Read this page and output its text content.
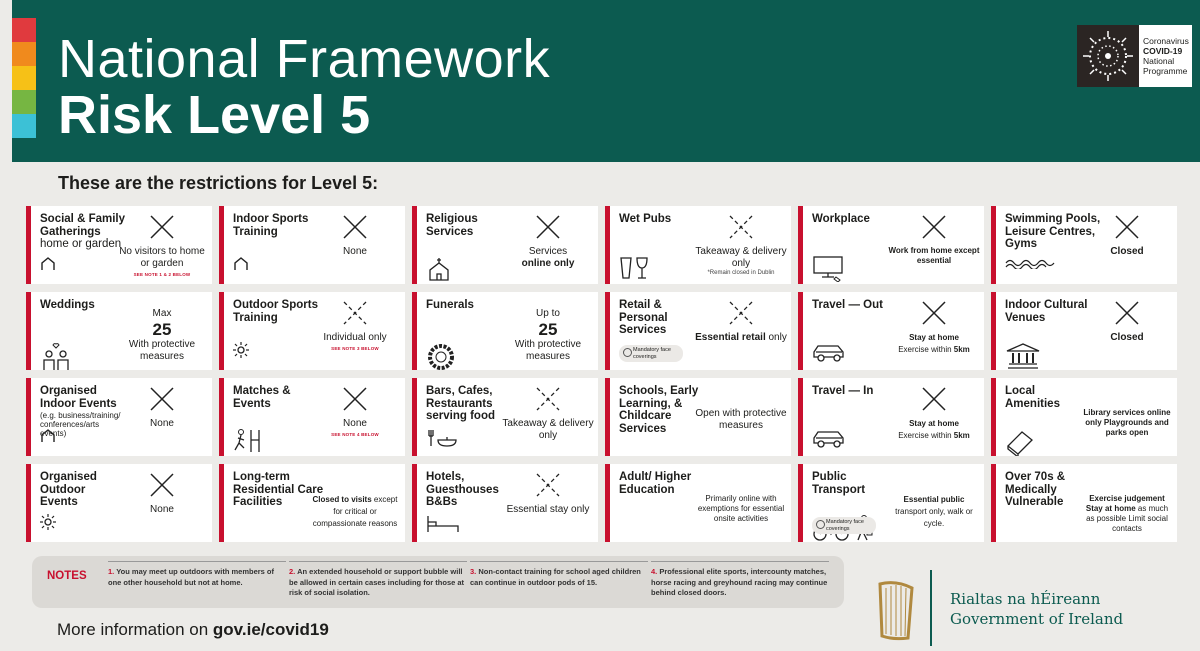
National Framework
Risk Level 5
Coronavirus
COVID-19
National
Programme
These are the restrictions for Level 5:
Social & Family Gatherings
home or garden
No visitors to home or garden
SEE NOTE 1 & 2 BELOW
Indoor Sports Training
None
Religious Services
Services
online only
Wet Pubs
Takeaway & delivery only
*Remain closed in Dublin
Workplace
Work from home except essential
Swimming Pools, Leisure Centres, Gyms
Closed
Weddings
Max
25
With protective measures
Outdoor Sports Training
Individual only
SEE NOTE 3 BELOW
Funerals
Up to
25
With protective measures
Retail & Personal Services
Essential retail only
Mandatory face coverings
Travel — Out
Stay at home
Exercise within 5km
Indoor Cultural Venues
Closed
Organised Indoor Events
(e.g. business/training/ conferences/arts events)
None
Matches & Events
None
SEE NOTE 4 BELOW
Bars, Cafes, Restaurants serving food
Takeaway & delivery only
Schools, Early Learning, & Childcare Services
Open with protective measures
Travel — In
Stay at home
Exercise within 5km
Local Amenities
Library services online only Playgrounds and parks open
Organised Outdoor Events
None
Long-term Residential Care Facilities	Closed to visits except for critical or compassionate reasons
Hotels, Guesthouses B&Bs
Essential stay only
Adult/ Higher Education
Primarily online with exemptions for essential onsite activities
Public Transport
Essential public transport only, walk or cycle.
Mandatory face coverings
Over 70s & Medically Vulnerable	Exercise judgement Stay at home as much as possible Limit social contacts
NOTES	1. You may meet up outdoors with members of one other household but not at home.
2. An extended household or support bubble will be allowed in certain cases including for those at risk of social isolation.
3. Non-contact training for school aged children can continue in outdoor pods of 15.
4. Professional elite sports, intercounty matches, horse racing and greyhound racing may continue behind closed doors.
More information on gov.ie/covid19
Rialtas na hÉireann
Government of Ireland
